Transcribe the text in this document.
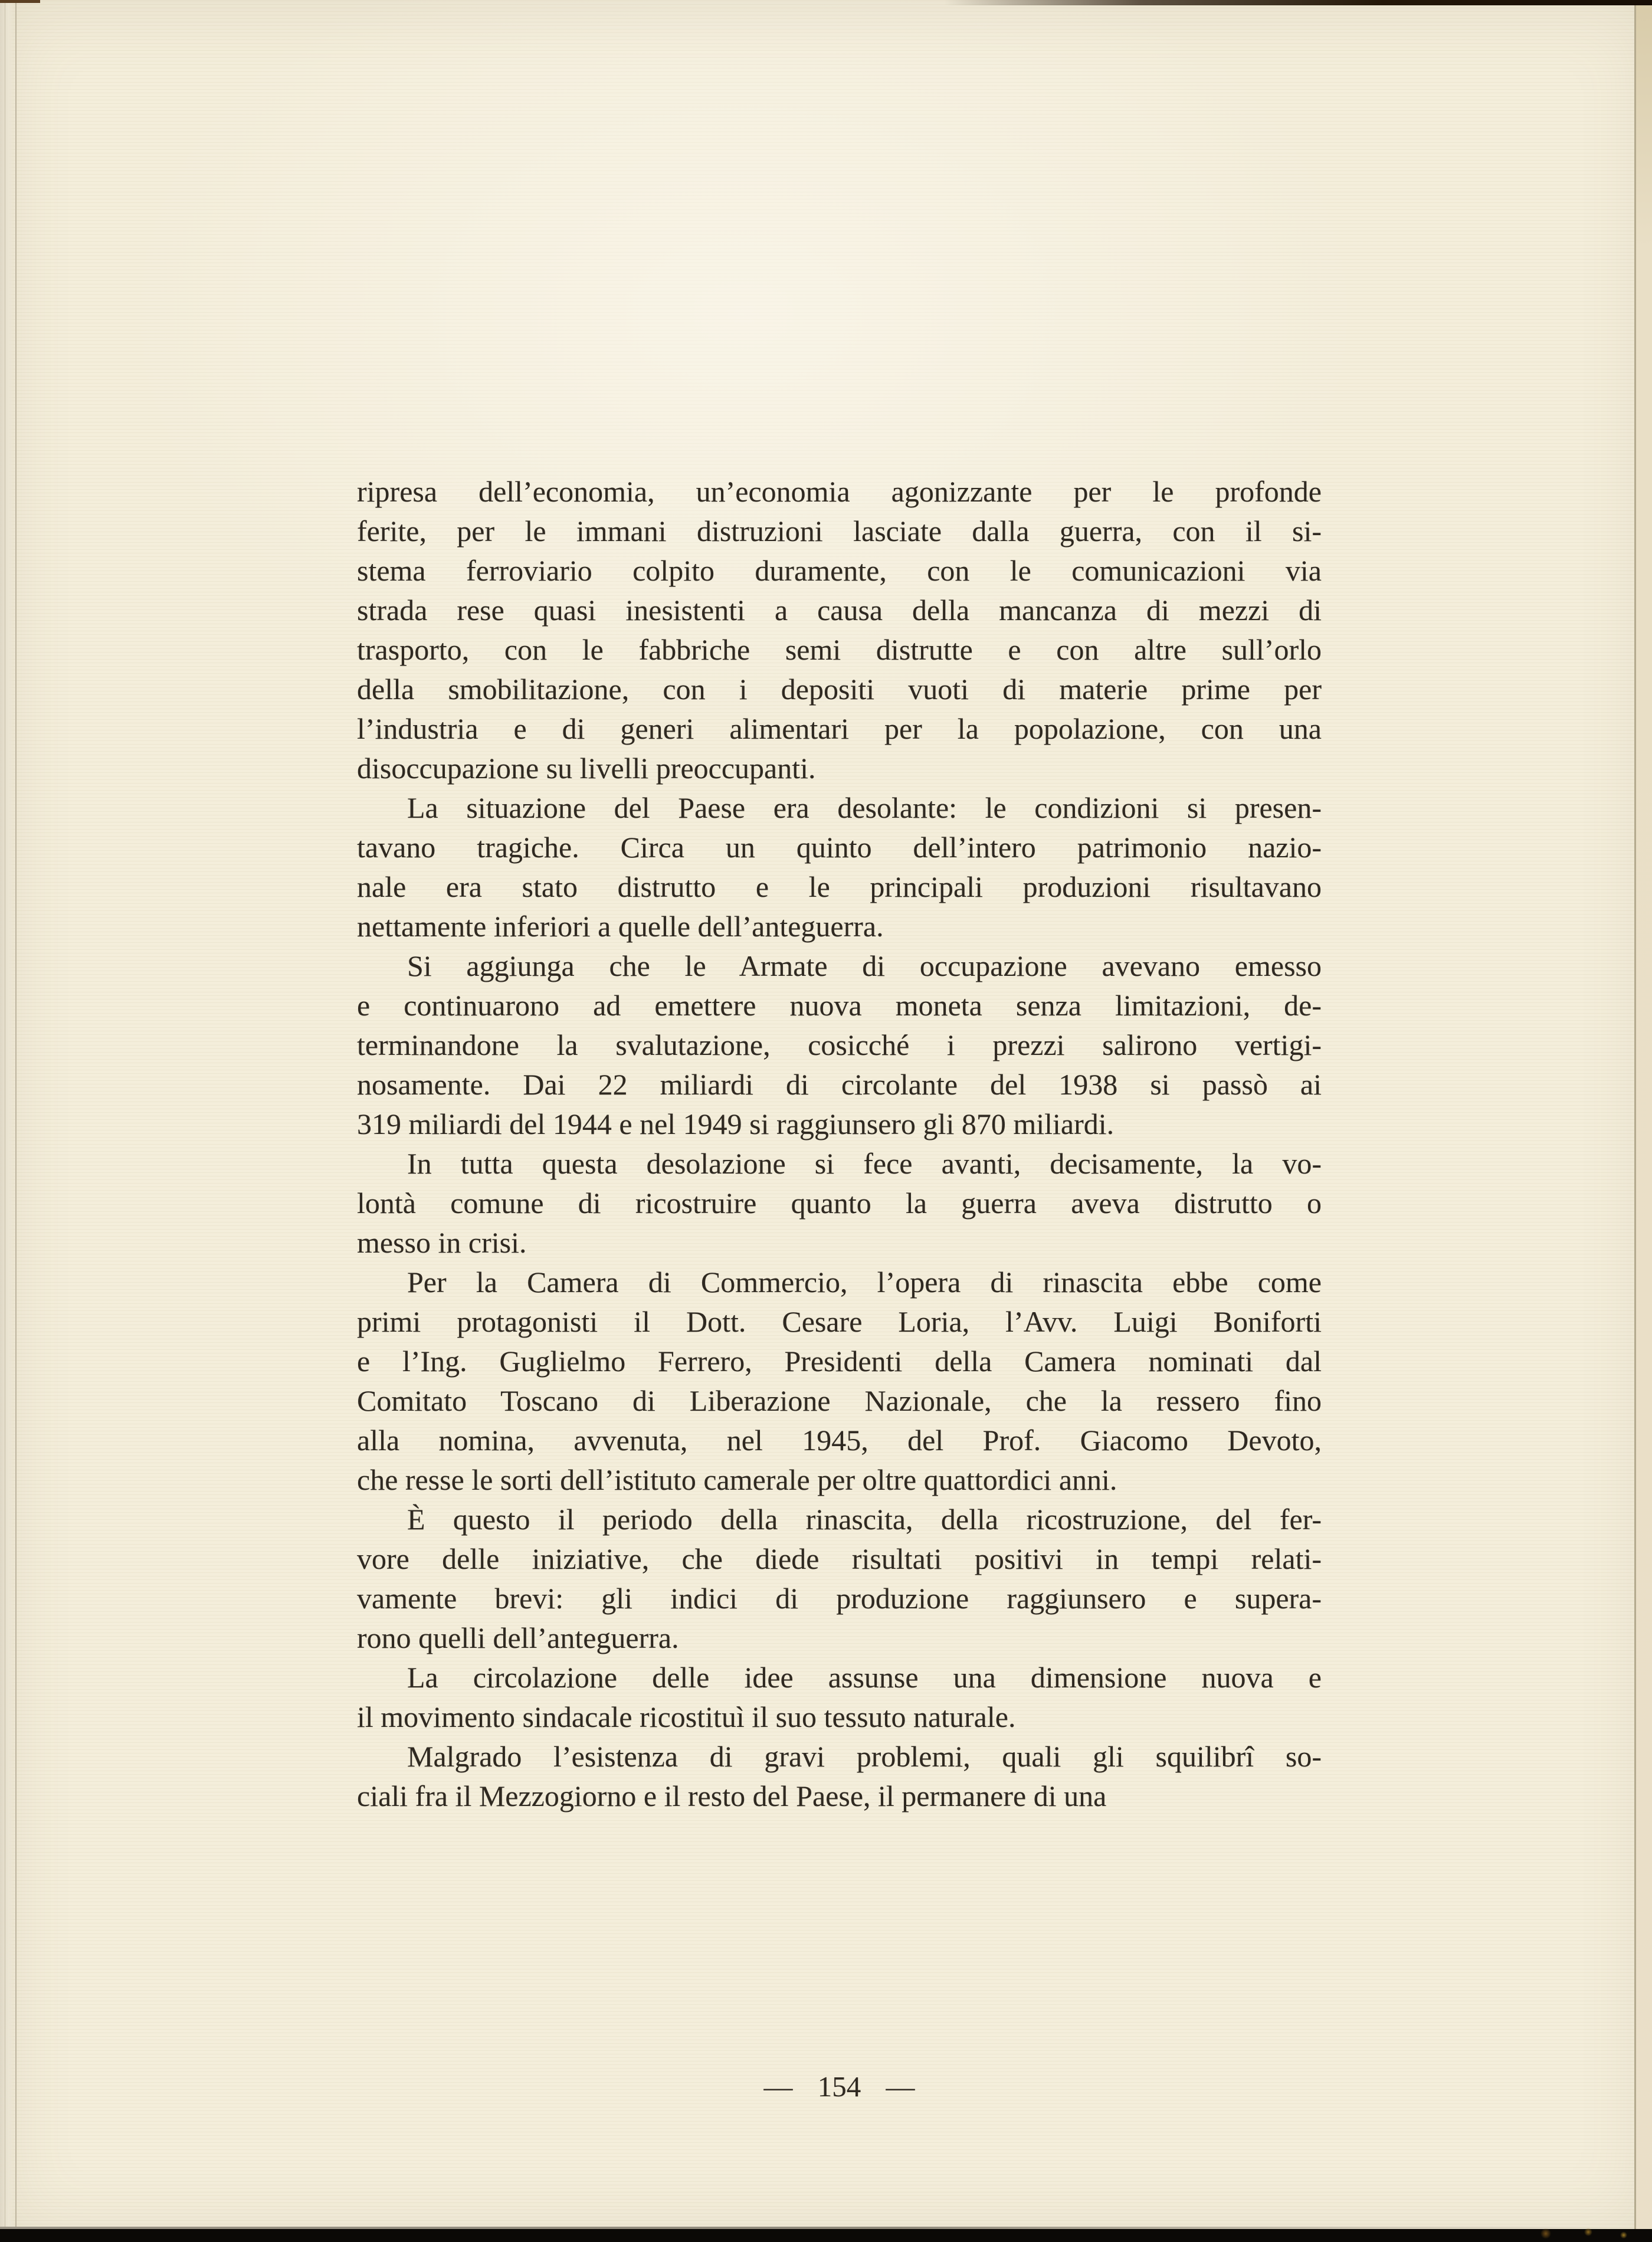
ripresa dell’economia, un’economia agonizzante per le profonde
ferite, per le immani distruzioni lasciate dalla guerra, con il si-
stema ferroviario colpito duramente, con le comunicazioni via
strada rese quasi inesistenti a causa della mancanza di mezzi di
trasporto, con le fabbriche semi distrutte e con altre sull’orlo
della smobilitazione, con i depositi vuoti di materie prime per
l’industria e di generi alimentari per la popolazione, con una
disoccupazione su livelli preoccupanti.
La situazione del Paese era desolante: le condizioni si presen-
tavano tragiche. Circa un quinto dell’intero patrimonio nazio-
nale era stato distrutto e le principali produzioni risultavano
nettamente inferiori a quelle dell’anteguerra.
Si aggiunga che le Armate di occupazione avevano emesso
e continuarono ad emettere nuova moneta senza limitazioni, de-
terminandone la svalutazione, cosicché i prezzi salirono vertigi-
nosamente. Dai 22 miliardi di circolante del 1938 si passò ai
319 miliardi del 1944 e nel 1949 si raggiunsero gli 870 miliardi.
In tutta questa desolazione si fece avanti, decisamente, la vo-
lontà comune di ricostruire quanto la guerra aveva distrutto o
messo in crisi.
Per la Camera di Commercio, l’opera di rinascita ebbe come
primi protagonisti il Dott. Cesare Loria, l’Avv. Luigi Boniforti
e l’Ing. Guglielmo Ferrero, Presidenti della Camera nominati dal
Comitato Toscano di Liberazione Nazionale, che la ressero fino
alla nomina, avvenuta, nel 1945, del Prof. Giacomo Devoto,
che resse le sorti dell’istituto camerale per oltre quattordici anni.
È questo il periodo della rinascita, della ricostruzione, del fer-
vore delle iniziative, che diede risultati positivi in tempi relati-
vamente brevi: gli indici di produzione raggiunsero e supera-
rono quelli dell’anteguerra.
La circolazione delle idee assunse una dimensione nuova e
il movimento sindacale ricostituì il suo tessuto naturale.
Malgrado l’esistenza di gravi problemi, quali gli squilibrî so-
ciali fra il Mezzogiorno e il resto del Paese, il permanere di una
— 154 —
